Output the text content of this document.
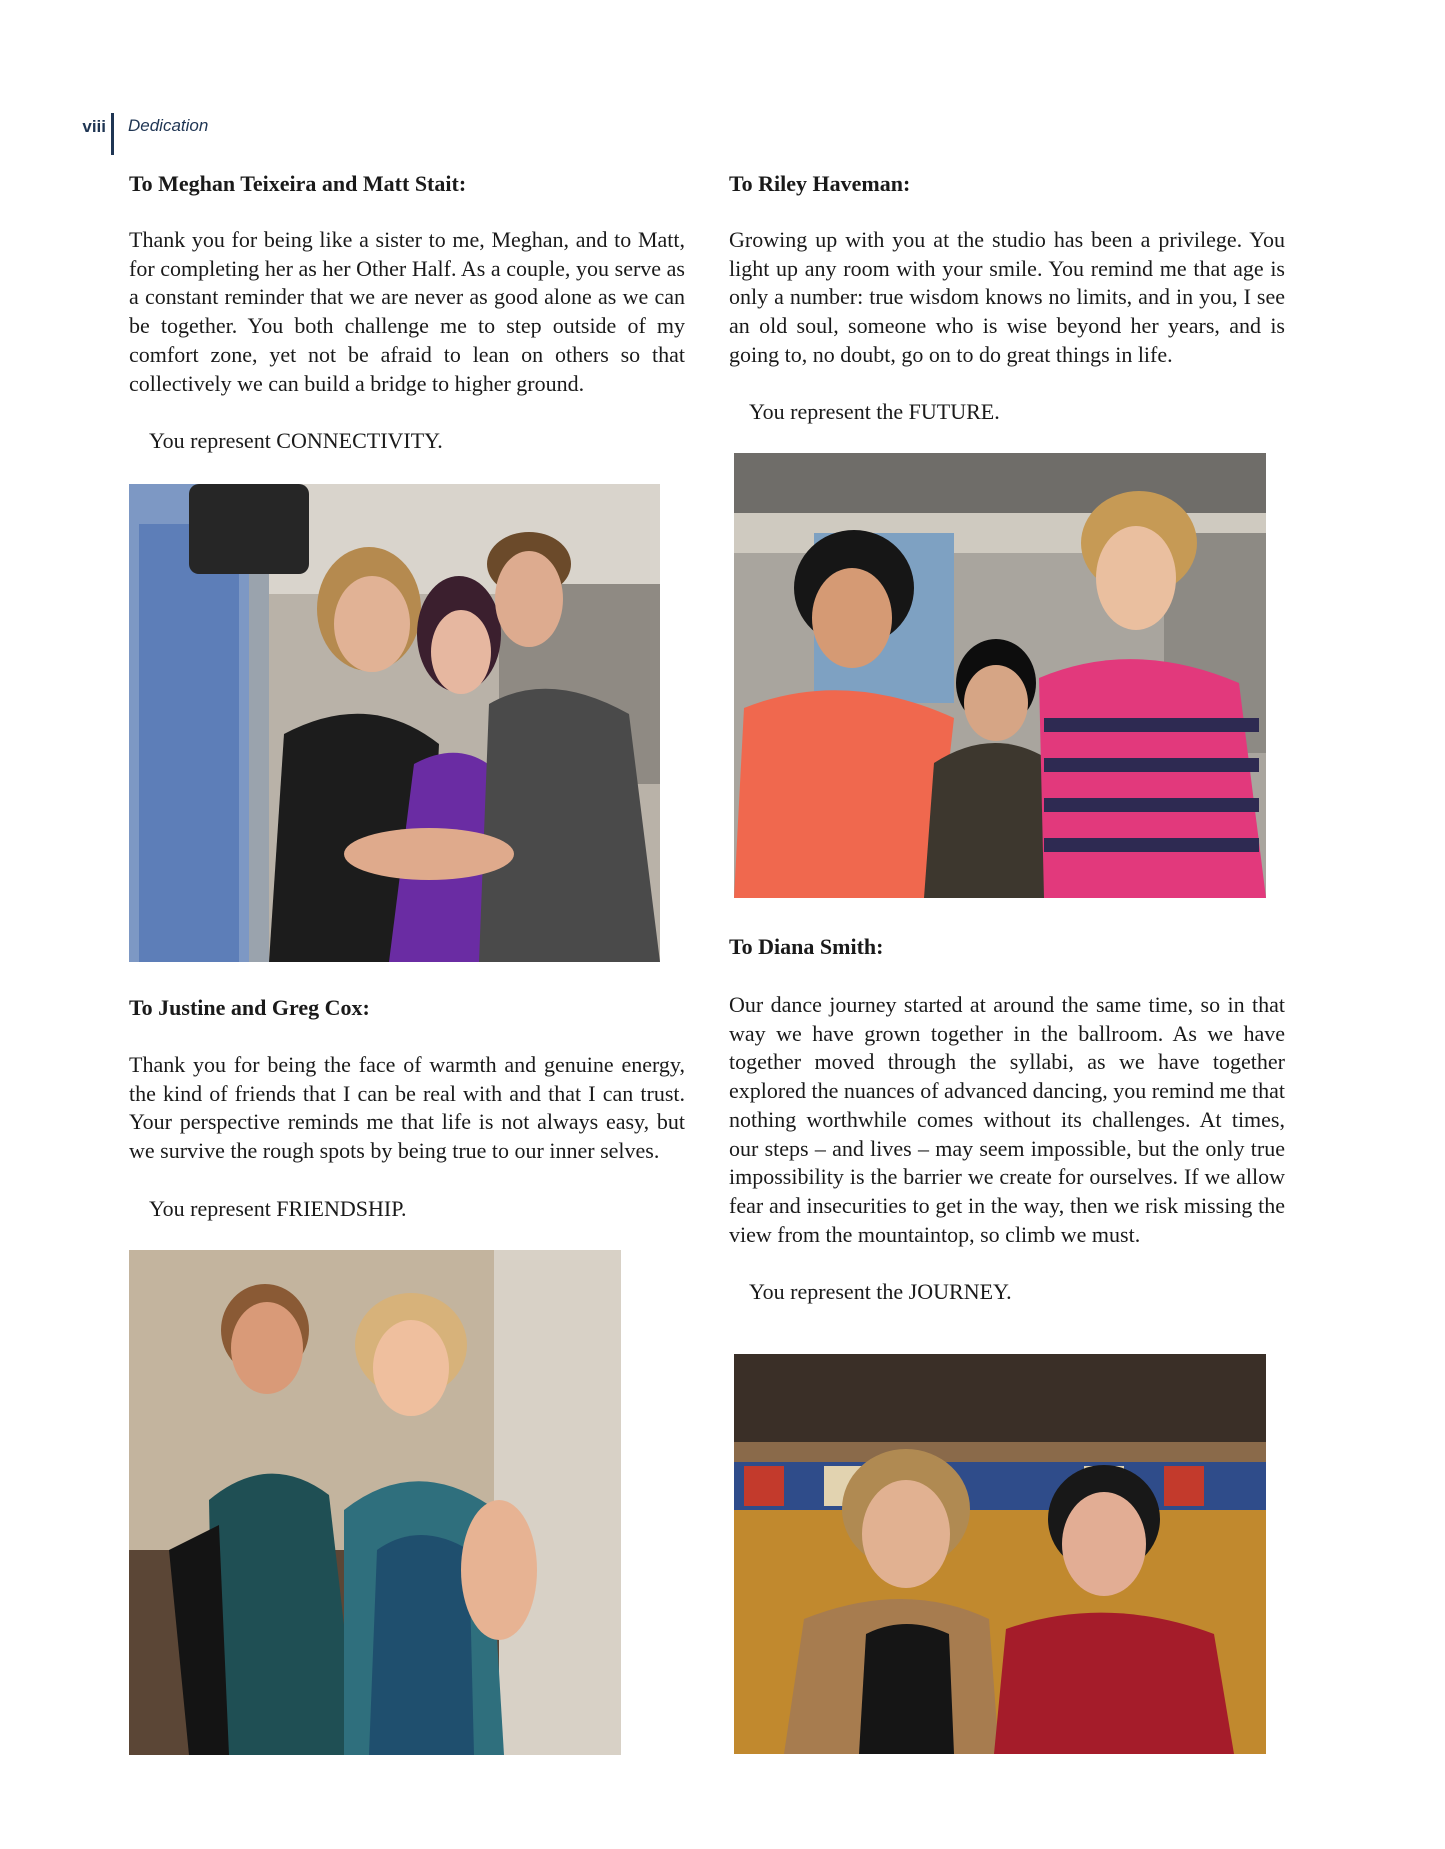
viii Dedication
To Meghan Teixeira and Matt Stait:

Thank you for being like a sister to me, Meghan, and to Matt, for completing her as her Other Half. As a couple, you serve as a constant reminder that we are never as good alone as we can be together. You both challenge me to step outside of my comfort zone, yet not be afraid to lean on others so that collectively we can build a bridge to higher ground.

You represent CONNECTIVITY.

To Justine and Greg Cox:

Thank you for being the face of warmth and genuine energy, the kind of friends that I can be real with and that I can trust. Your perspective reminds me that life is not always easy, but we survive the rough spots by being true to our inner selves.

You represent FRIENDSHIP.

To Riley Haveman:

Growing up with you at the studio has been a privilege. You light up any room with your smile. You remind me that age is only a number: true wisdom knows no limits, and in you, I see an old soul, someone who is wise beyond her years, and is going to, no doubt, go on to do great things in life.

You represent the FUTURE.

To Diana Smith:

Our dance journey started at around the same time, so in that way we have grown together in the ballroom. As we have together moved through the syllabi, as we have together explored the nuances of advanced dancing, you remind me that nothing worthwhile comes without its challenges. At times, our steps – and lives – may seem impossible, but the only true impossibility is the barrier we create for ourselves. If we allow fear and insecurities to get in the way, then we risk missing the view from the mountaintop, so climb we must.

You represent the JOURNEY.
